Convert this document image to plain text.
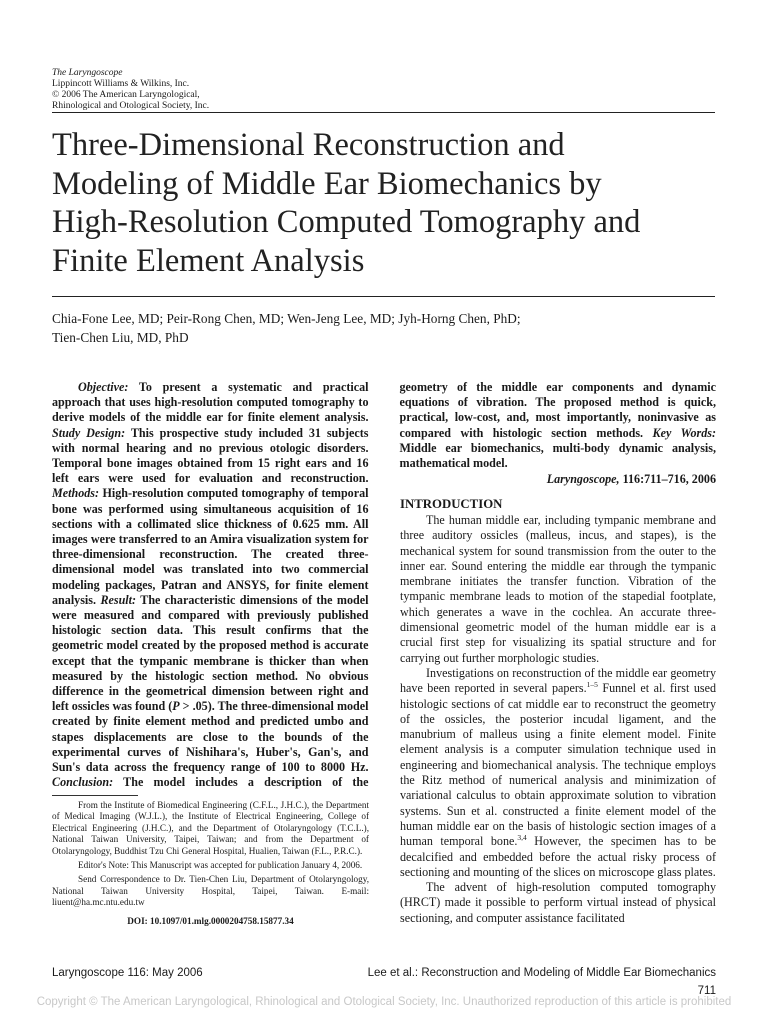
The Laryngoscope
Lippincott Williams & Wilkins, Inc.
© 2006 The American Laryngological,
Rhinological and Otological Society, Inc.
Three-Dimensional Reconstruction and
Modeling of Middle Ear Biomechanics by
High-Resolution Computed Tomography and
Finite Element Analysis
Chia-Fone Lee, MD; Peir-Rong Chen, MD; Wen-Jeng Lee, MD; Jyh-Horng Chen, PhD;
Tien-Chen Liu, MD, PhD

Objective: To present a systematic and practical approach that uses high-resolution computed tomography to derive models of the middle ear for finite element analysis. Study Design: This prospective study included 31 subjects with normal hearing and no previous otologic disorders. Temporal bone images obtained from 15 right ears and 16 left ears were used for evaluation and reconstruction. Methods: High-resolution computed tomography of temporal bone was performed using simultaneous acquisition of 16 sections with a collimated slice thickness of 0.625 mm. All images were transferred to an Amira visualization system for three-dimensional reconstruction. The created three-dimensional model was translated into two commercial modeling packages, Patran and ANSYS, for finite element analysis. Result: The characteristic dimensions of the model were measured and compared with previously published histologic section data. This result confirms that the geometric model created by the proposed method is accurate except that the tympanic membrane is thicker than when measured by the histologic section method. No obvious difference in the geometrical dimension between right and left ossicles was found (P > .05). The three-dimensional model created by finite element method and predicted umbo and stapes displacements are close to the bounds of the experimental curves of Nishihara's, Huber's, Gan's, and Sun's data across the frequency range of 100 to 8000 Hz. Conclusion: The model includes a description of the geometry of the middle ear components and dynamic equations of vibration. The proposed method is quick, practical, low-cost, and, most importantly, noninvasive as compared with histologic section methods. Key Words: Middle ear biomechanics, multi-body dynamic analysis, mathematical model.

Laryngoscope, 116:711–716, 2006

From the Institute of Biomedical Engineering (C.F.L., J.H.C.), the Department of Medical Imaging (W.J.L.), the Institute of Electrical Engineering, College of Electrical Engineering (J.H.C.), and the Department of Otolaryngology (T.C.L.), National Taiwan University, Taipei, Taiwan; and from the Department of Otolaryngology, Buddhist Tzu Chi General Hospital, Hualien, Taiwan (F.L., P.R.C.).

Editor's Note: This Manuscript was accepted for publication January 4, 2006.

Send Correspondence to Dr. Tien-Chen Liu, Department of Otolaryngology, National Taiwan University Hospital, Taipei, Taiwan. E-mail: liuent@ha.mc.ntu.edu.tw

DOI: 10.1097/01.mlg.0000204758.15877.34

INTRODUCTION

The human middle ear, including tympanic membrane and three auditory ossicles (malleus, incus, and stapes), is the mechanical system for sound transmission from the outer to the inner ear. Sound entering the middle ear through the tympanic membrane initiates the transfer function. Vibration of the tympanic membrane leads to motion of the stapedial footplate, which generates a wave in the cochlea. An accurate three-dimensional geometric model of the human middle ear is a crucial first step for visualizing its spatial structure and for carrying out further morphologic studies.

Investigations on reconstruction of the middle ear geometry have been reported in several papers.$^{1-5}$ Funnel et al. first used histologic sections of cat middle ear to reconstruct the geometry of the ossicles, the posterior incudal ligament, and the manubrium of malleus using a finite element model. Finite element analysis is a computer simulation technique used in engineering and biomechanical analysis. The technique employs the Ritz method of numerical analysis and minimization of variational calculus to obtain approximate solution to vibration systems. Sun et al. constructed a finite element model of the human middle ear on the basis of histologic section images of a human temporal bone.$^{3,4}$ However, the specimen has to be decalcified and embedded before the actual risky process of sectioning and mounting of the slices on microscope glass plates.

The advent of high-resolution computed tomography (HRCT) made it possible to perform virtual instead of physical sectioning, and computer assistance facilitated

Laryngoscope 116: May 2006	Lee et al.: Reconstruction and Modeling of Middle Ear Biomechanics
711
Copyright © The American Laryngological, Rhinological and Otological Society, Inc. Unauthorized reproduction of this article is prohibited
